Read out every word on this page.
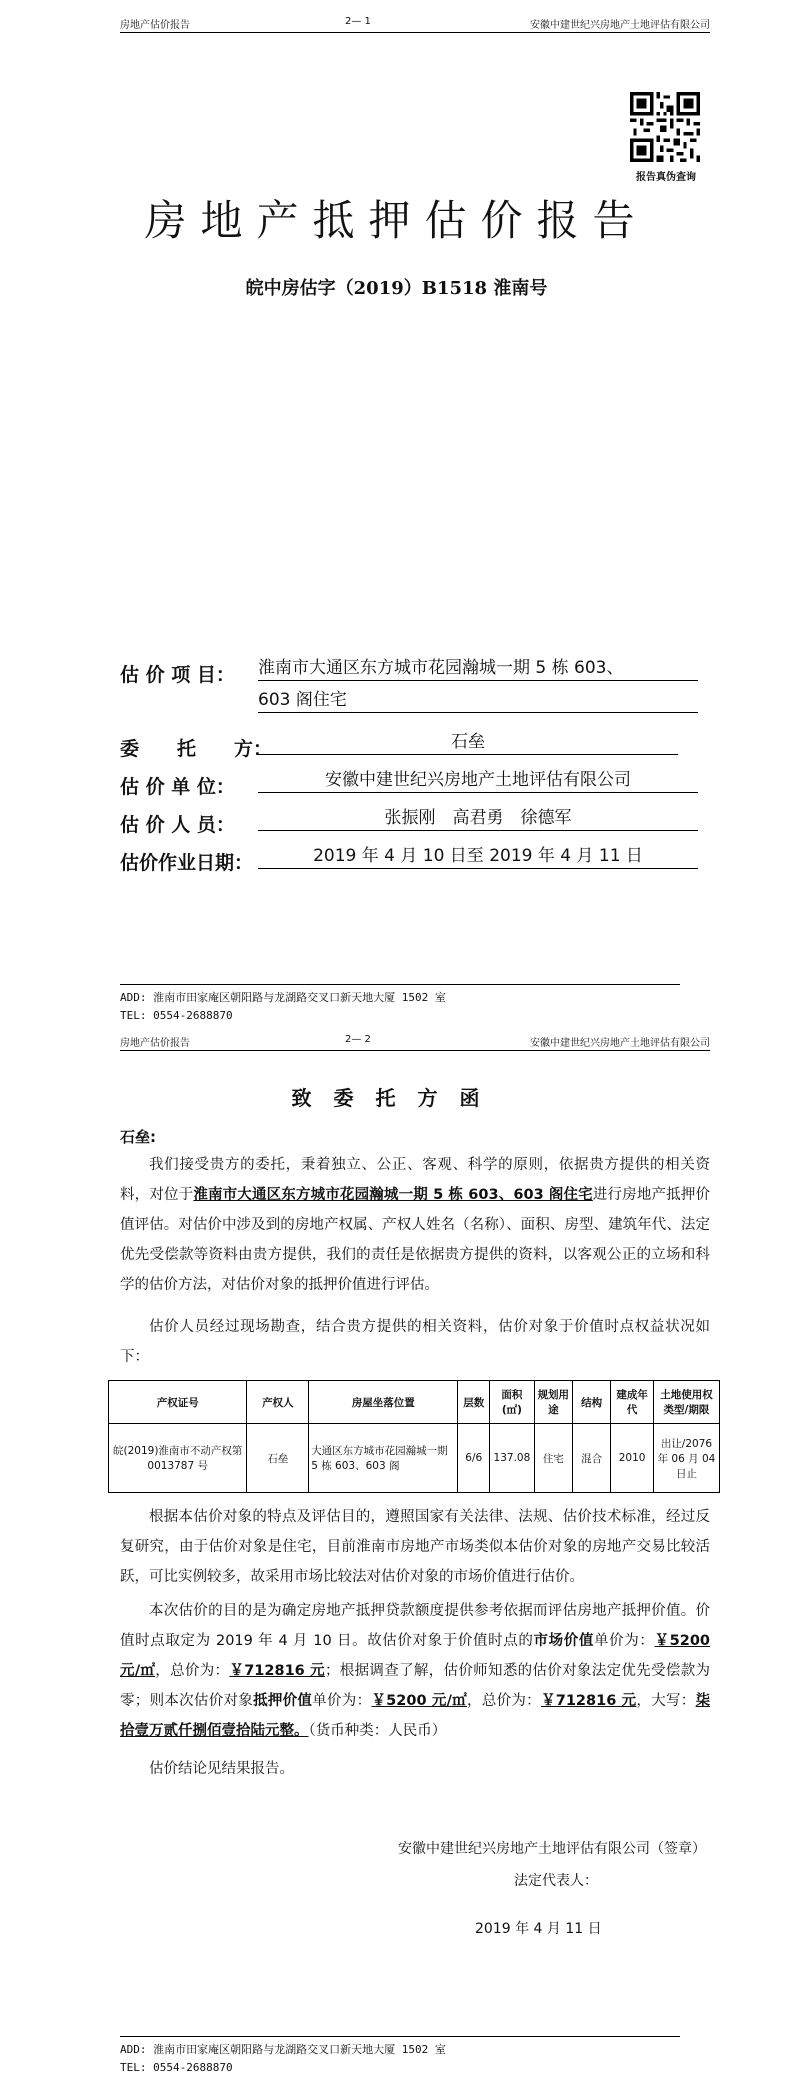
房地产估价报告	2— 1	安徽中建世纪兴房地产土地评估有限公司
报告真伪查询
房地产抵押估价报告
皖中房估字（2019）B1518 淮南号
估 价 项 目： 淮南市大通区东方城市花园瀚城一期 5 栋 603、
603 阁住宅
委　　托　　方：	石垒
估 价 单 位：	安徽中建世纪兴房地产土地评估有限公司
估 价 人 员：	张振刚　高君勇　徐德军
估价作业日期：	2019 年 4 月 10 日至 2019 年 4 月 11 日
ADD: 淮南市田家庵区朝阳路与龙湖路交叉口新天地大厦 1502 室
TEL: 0554-2688870
房地产估价报告	2— 2	安徽中建世纪兴房地产土地评估有限公司
致委托方函
石垒:
我们接受贵方的委托，秉着独立、公正、客观、科学的原则，依据贵方提供的相关资料，对位于淮南市大通区东方城市花园瀚城一期 5 栋 603、603 阁住宅进行房地产抵押价值评估。对估价中涉及到的房地产权属、产权人姓名（名称）、面积、房型、建筑年代、法定优先受偿款等资料由贵方提供，我们的责任是依据贵方提供的资料，以客观公正的立场和科学的估价方法，对估价对象的抵押价值进行评估。
估价人员经过现场勘查，结合贵方提供的相关资料，估价对象于价值时点权益状况如下：
产权证号	产权人	房屋坐落位置	层数	面积(㎡)	规划用途	结构	建成年代	土地使用权类型/期限
皖(2019)淮南市不动产权第 0013787 号	石垒	大通区东方城市花园瀚城一期 5 栋 603、603 阁	6/6	137.08	住宅	混合	2010	出让/2076年 06 月 04 日止
根据本估价对象的特点及评估目的，遵照国家有关法律、法规、估价技术标准，经过反复研究，由于估价对象是住宅，目前淮南市房地产市场类似本估价对象的房地产交易比较活跃，可比实例较多，故采用市场比较法对估价对象的市场价值进行估价。
本次估价的目的是为确定房地产抵押贷款额度提供参考依据而评估房地产抵押价值。价值时点取定为 2019 年 4 月 10 日。故估价对象于价值时点的市场价值单价为：￥5200 元/㎡，总价为：￥712816 元；根据调查了解，估价师知悉的估价对象法定优先受偿款为零；则本次估价对象抵押价值单价为：￥5200 元/㎡，总价为：￥712816 元，大写：柒拾壹万贰仟捌佰壹拾陆元整。（货币种类：人民币）
估价结论见结果报告。
安徽中建世纪兴房地产土地评估有限公司（签章）
法定代表人：
2019 年 4 月 11 日
ADD: 淮南市田家庵区朝阳路与龙湖路交叉口新天地大厦 1502 室
TEL: 0554-2688870
